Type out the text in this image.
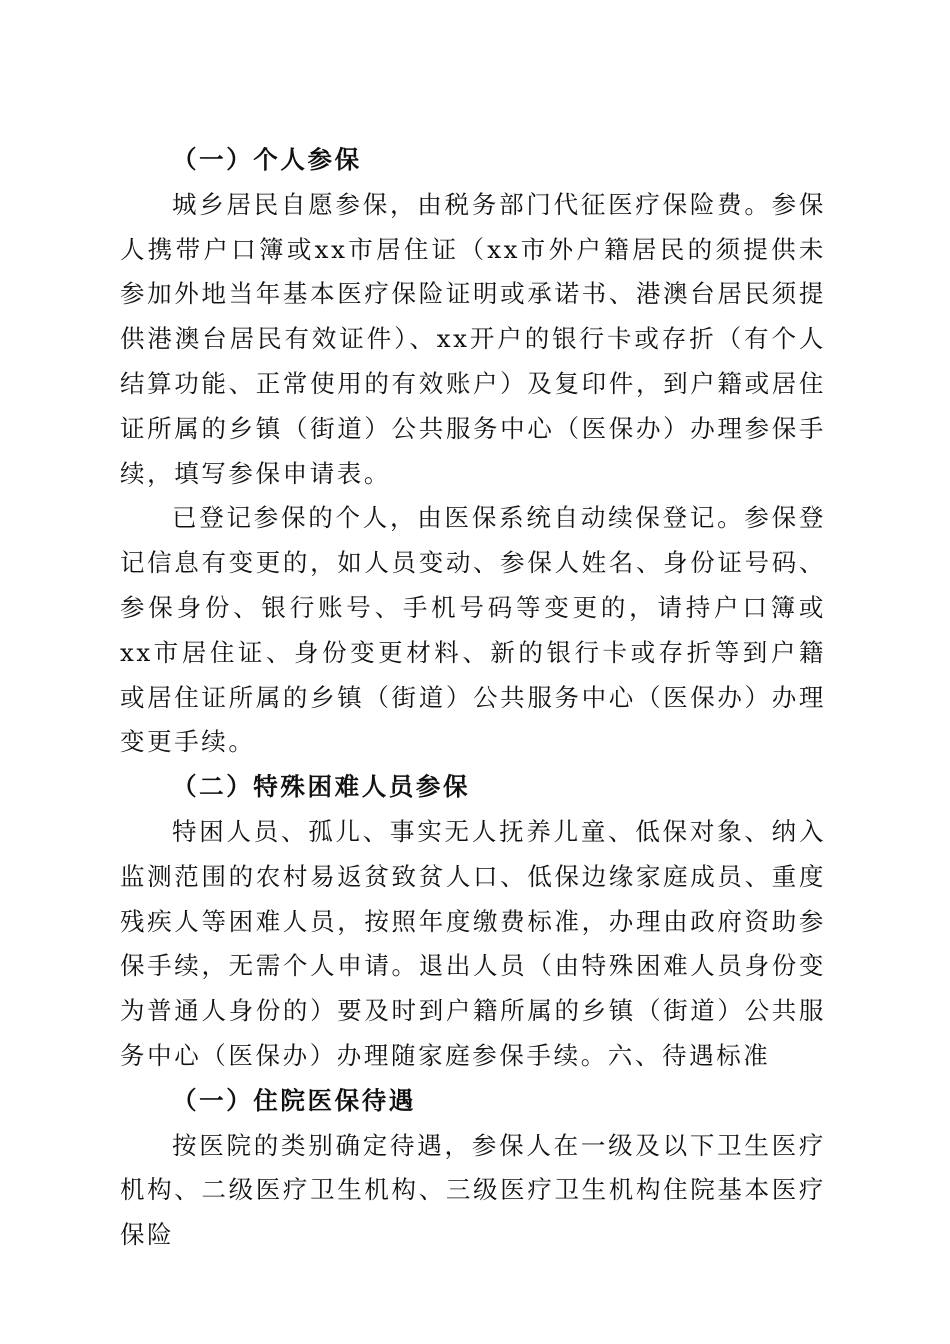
（一）个人参保

城乡居民自愿参保，由税务部门代征医疗保险费。参保人携带户口簿或xx市居住证（xx市外户籍居民的须提供未参加外地当年基本医疗保险证明或承诺书、港澳台居民须提供港澳台居民有效证件）、xx开户的银行卡或存折（有个人结算功能、正常使用的有效账户）及复印件，到户籍或居住证所属的乡镇（街道）公共服务中心（医保办）办理参保手续，填写参保申请表。

已登记参保的个人，由医保系统自动续保登记。参保登记信息有变更的，如人员变动、参保人姓名、身份证号码、参保身份、银行账号、手机号码等变更的，请持户口簿或xx市居住证、身份变更材料、新的银行卡或存折等到户籍或居住证所属的乡镇（街道）公共服务中心（医保办）办理变更手续。

（二）特殊困难人员参保

特困人员、孤儿、事实无人抚养儿童、低保对象、纳入监测范围的农村易返贫致贫人口、低保边缘家庭成员、重度残疾人等困难人员，按照年度缴费标准，办理由政府资助参保手续，无需个人申请。退出人员（由特殊困难人员身份变为普通人身份的）要及时到户籍所属的乡镇（街道）公共服务中心（医保办）办理随家庭参保手续。六、待遇标准

（一）住院医保待遇

按医院的类别确定待遇，参保人在一级及以下卫生医疗机构、二级医疗卫生机构、三级医疗卫生机构住院基本医疗保险
